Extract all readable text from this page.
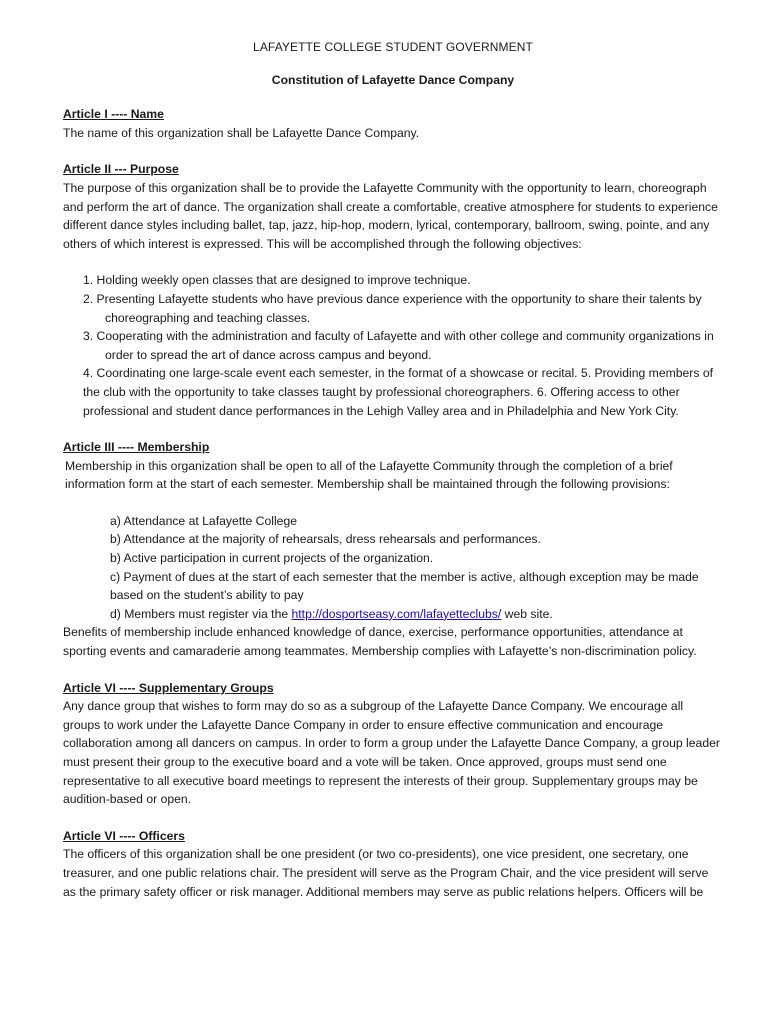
LAFAYETTE COLLEGE STUDENT GOVERNMENT
Constitution of Lafayette Dance Company
Article I ---- Name

The name of this organization shall be Lafayette Dance Company.

Article II --- Purpose

The purpose of this organization shall be to provide the Lafayette Community with the opportunity to learn, choreograph and perform the art of dance. The organization shall create a comfortable, creative atmosphere for students to experience different dance styles including ballet, tap, jazz, hip-hop, modern, lyrical, contemporary, ballroom, swing, pointe, and any others of which interest is expressed. This will be accomplished through the following objectives:

1. Holding weekly open classes that are designed to improve technique.
2. Presenting Lafayette students who have previous dance experience with the opportunity to share their talents by choreographing and teaching classes.
3. Cooperating with the administration and faculty of Lafayette and with other college and community organizations in order to spread the art of dance across campus and beyond.
4. Coordinating one large-scale event each semester, in the format of a showcase or recital. 5. Providing members of the club with the opportunity to take classes taught by professional choreographers. 6. Offering access to other professional and student dance performances in the Lehigh Valley area and in Philadelphia and New York City.
Article III ---- Membership

Membership in this organization shall be open to all of the Lafayette Community through the completion of a brief information form at the start of each semester. Membership shall be maintained through the following provisions:

a) Attendance at Lafayette College
b) Attendance at the majority of rehearsals, dress rehearsals and performances.
b) Active participation in current projects of the organization.
c) Payment of dues at the start of each semester that the member is active, although exception may be made based on the student’s ability to pay
d) Members must register via the http://dosportseasy.com/lafayetteclubs/ web site.

Benefits of membership include enhanced knowledge of dance, exercise, performance opportunities, attendance at sporting events and camaraderie among teammates. Membership complies with Lafayette’s non-discrimination policy.

Article VI ---- Supplementary Groups

Any dance group that wishes to form may do so as a subgroup of the Lafayette Dance Company. We encourage all groups to work under the Lafayette Dance Company in order to ensure effective communication and encourage collaboration among all dancers on campus. In order to form a group under the Lafayette Dance Company, a group leader must present their group to the executive board and a vote will be taken. Once approved, groups must send one representative to all executive board meetings to represent the interests of their group. Supplementary groups may be audition-based or open.

Article VI ---- Officers

The officers of this organization shall be one president (or two co-presidents), one vice president, one secretary, one treasurer, and one public relations chair. The president will serve as the Program Chair, and the vice president will serve as the primary safety officer or risk manager. Additional members may serve as public relations helpers. Officers will be
